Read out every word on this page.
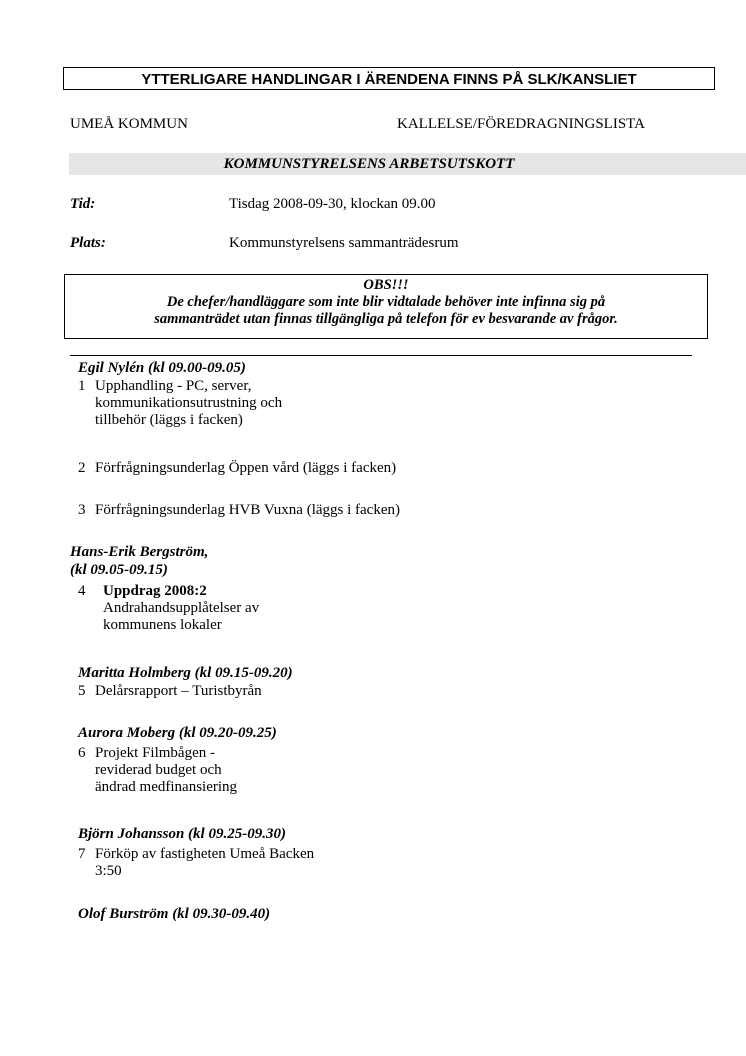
YTTERLIGARE HANDLINGAR I ÄRENDENA FINNS PÅ SLK/KANSLIET
UMEÅ KOMMUN	KALLELSE/FÖREDRAGNINGSLISTA
KOMMUNSTYRELSENS ARBETSUTSKOTT
Tid:	Tisdag 2008-09-30, klockan 09.00
Plats:	Kommunstyrelsens sammanträdesrum
OBS!!!
De chefer/handläggare som inte blir vidtalade behöver inte infinna sig på
sammanträdet utan finnas tillgängliga på telefon för ev besvarande av frågor.
Egil Nylén (kl 09.00-09.05)
1 Upphandling - PC, server,
kommunikationsutrustning och
tillbehör (läggs i facken)
2 Förfrågningsunderlag Öppen vård (läggs i facken)
3 Förfrågningsunderlag HVB Vuxna (läggs i facken)
Hans-Erik Bergström,
(kl 09.05-09.15)
4 Uppdrag 2008:2
Andrahandsupplåtelser av
kommunens lokaler
Maritta Holmberg (kl 09.15-09.20)
5 Delårsrapport – Turistbyrån
Aurora Moberg (kl 09.20-09.25)
6 Projekt Filmbågen -
reviderad budget och
ändrad medfinansiering
Björn Johansson (kl 09.25-09.30)
7 Förköp av fastigheten Umeå Backen
3:50
Olof Burström (kl 09.30-09.40)
